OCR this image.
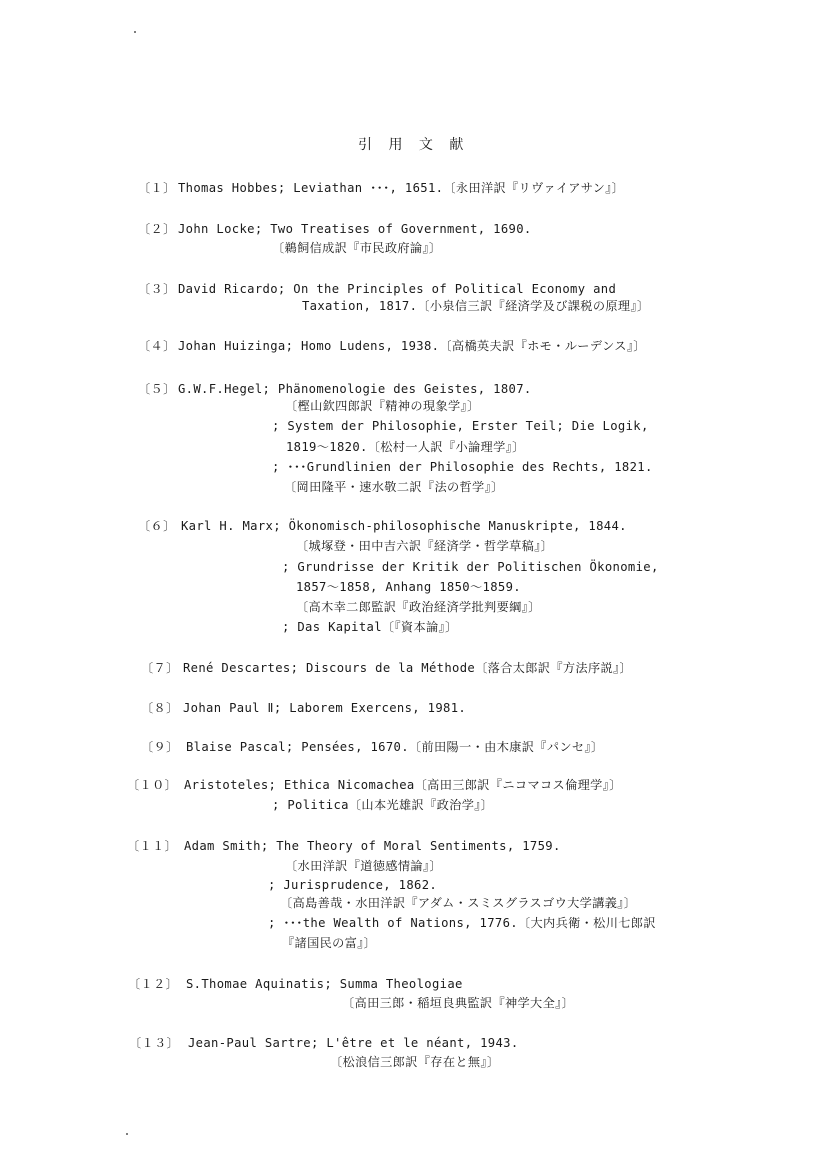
引 用 文 献
〔１〕 Thomas Hobbes; Leviathan ･･･, 1651.〔永田洋訳『リヴァイアサン』〕
〔２〕 John Locke; Two Treatises of Government, 1690.
〔鵜飼信成訳『市民政府論』〕
〔３〕 David Ricardo; On the Principles of Political Economy and
Taxation, 1817.〔小泉信三訳『経済学及び課税の原理』〕
〔４〕 Johan Huizinga; Homo Ludens, 1938.〔高橋英夫訳『ホモ・ルーデンス』〕
〔５〕 G.W.F.Hegel; Phänomenologie des Geistes, 1807.
〔樫山欽四郎訳『精神の現象学』〕
; System der Philosophie, Erster Teil; Die Logik,
1819～1820.〔松村一人訳『小論理学』〕
; ･･･Grundlinien der Philosophie des Rechts, 1821.
〔岡田隆平・速水敬二訳『法の哲学』〕
〔６〕 Karl H. Marx; Ökonomisch-philosophische Manuskripte, 1844.
〔城塚登・田中吉六訳『経済学・哲学草稿』〕
; Grundrisse der Kritik der Politischen Ökonomie,
1857～1858, Anhang 1850～1859.
〔高木幸二郎監訳『政治経済学批判要綱』〕
; Das Kapital〔『資本論』〕
〔７〕 René Descartes; Discours de la Méthode〔落合太郎訳『方法序説』〕
〔８〕 Johan Paul Ⅱ; Laborem Exercens, 1981.
〔９〕 Blaise Pascal; Pensées, 1670.〔前田陽一・由木康訳『パンセ』〕
〔１０〕 Aristoteles; Ethica Nicomachea〔高田三郎訳『ニコマコス倫理学』〕
; Politica〔山本光雄訳『政治学』〕
〔１１〕 Adam Smith; The Theory of Moral Sentiments, 1759.
〔水田洋訳『道徳感情論』〕
; Jurisprudence, 1862.
〔高島善哉・水田洋訳『アダム・スミスグラスゴウ大学講義』〕
; ･･･the Wealth of Nations, 1776.〔大内兵衛・松川七郎訳
『諸国民の富』〕
〔１２〕 S.Thomae Aquinatis; Summa Theologiae
〔高田三郎・稲垣良典監訳『神学大全』〕
〔１３〕 Jean-Paul Sartre; L'être et le néant, 1943.
〔松浪信三郎訳『存在と無』〕
